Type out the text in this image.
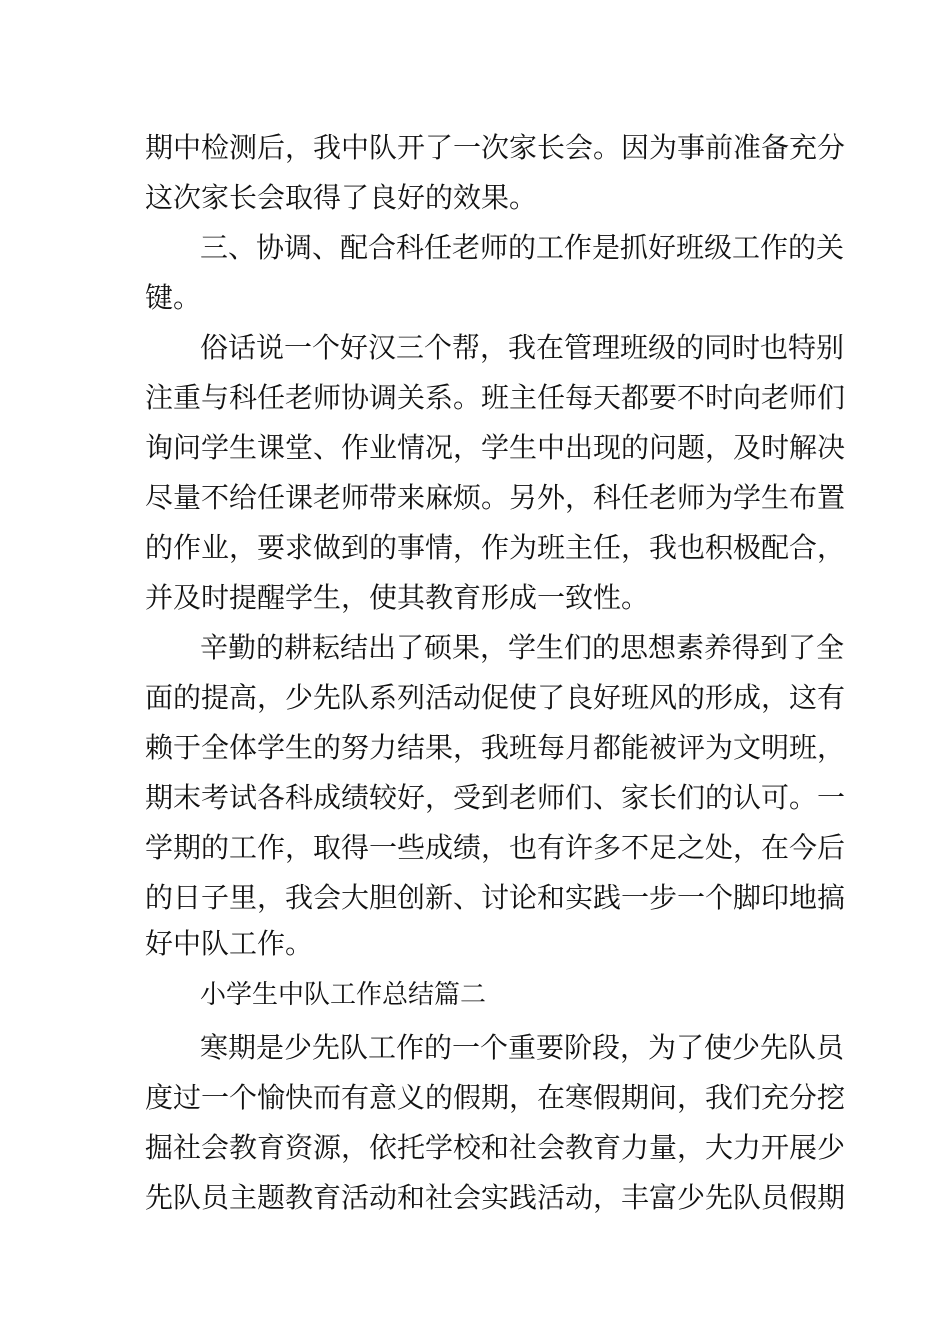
期中检测后，我中队开了一次家长会。因为事前准备充分

这次家长会取得了良好的效果。

三、协调、配合科任老师的工作是抓好班级工作的关

键。

俗话说一个好汉三个帮，我在管理班级的同时也特别

注重与科任老师协调关系。班主任每天都要不时向老师们

询问学生课堂、作业情况，学生中出现的问题，及时解决

尽量不给任课老师带来麻烦。另外，科任老师为学生布置

的作业，要求做到的事情，作为班主任，我也积极配合，

并及时提醒学生，使其教育形成一致性。

辛勤的耕耘结出了硕果，学生们的思想素养得到了全

面的提高，少先队系列活动促使了良好班风的形成，这有

赖于全体学生的努力结果，我班每月都能被评为文明班，

期末考试各科成绩较好，受到老师们、家长们的认可。一

学期的工作，取得一些成绩，也有许多不足之处，在今后

的日子里，我会大胆创新、讨论和实践一步一个脚印地搞

好中队工作。

小学生中队工作总结篇二

寒期是少先队工作的一个重要阶段，为了使少先队员

度过一个愉快而有意义的假期，在寒假期间，我们充分挖

掘社会教育资源，依托学校和社会教育力量，大力开展少

先队员主题教育活动和社会实践活动，丰富少先队员假期
